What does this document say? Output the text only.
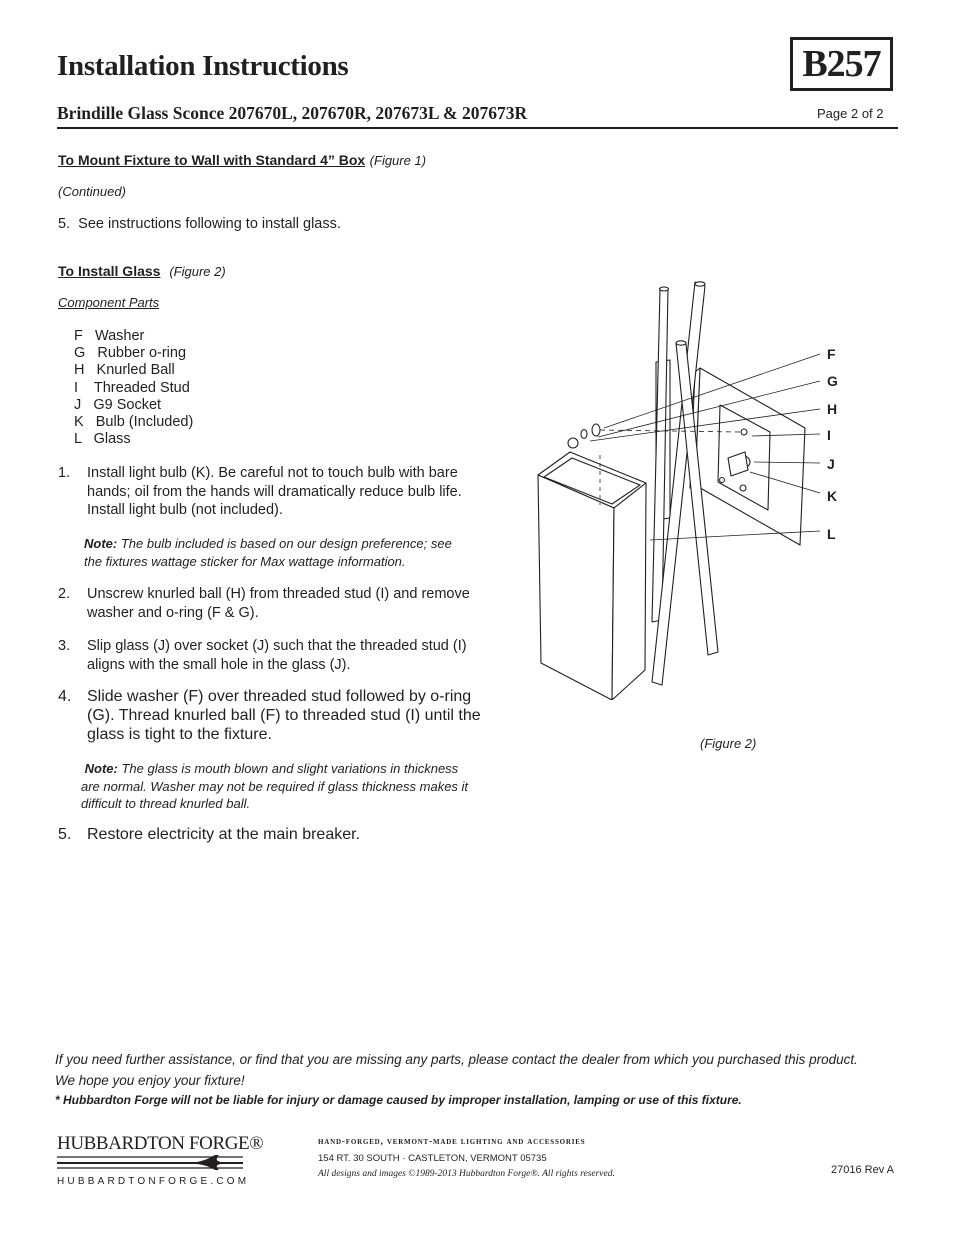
Installation Instructions	B257
Brindille Glass Sconce 207670L, 207670R, 207673L & 207673R	Page 2 of 2
To Mount Fixture to Wall with Standard 4” Box (Figure 1)
(Continued)
5. See instructions following to install glass.
To Install Glass (Figure 2)
Component Parts
F   Washer
G   Rubber o-ring
H   Knurled Ball
I    Threaded Stud
J   G9 Socket
K   Bulb (Included)
L   Glass
1. Install light bulb (K). Be careful not to touch bulb with bare
hands; oil from the hands will dramatically reduce bulb life.
Install light bulb (not included).
Note: The bulb included is based on our design preference; see
the fixtures wattage sticker for Max wattage information.
2. Unscrew knurled ball (H) from threaded stud (I) and remove
washer and o-ring (F & G).
3. Slip glass (J) over socket (J) such that the threaded stud (I)
aligns with the small hole in the glass (J).
4. Slide washer (F) over threaded stud followed by o-ring
(G). Thread knurled ball (F) to threaded stud (I) until the
glass is tight to the fixture.
Note: The glass is mouth blown and slight variations in thickness
are normal. Washer may not be required if glass thickness makes it
difficult to thread knurled ball.
5. Restore electricity at the main breaker.
F
G
H
I
J
K
L
(Figure 2)
If you need further assistance, or find that you are missing any parts, please contact the dealer from which you purchased this product.
We hope you enjoy your fixture!
* Hubbardton Forge will not be liable for injury or damage caused by improper installation, lamping or use of this fixture.
HUBBARDTON FORGE®
HUBBARDTONFORGE.COM
hand-forged, vermont-made lighting and accessories
154 RT. 30 SOUTH · CASTLETON, VERMONT 05735
All designs and images ©1989-2013 Hubbardton Forge®. All rights reserved.	27016 Rev A
